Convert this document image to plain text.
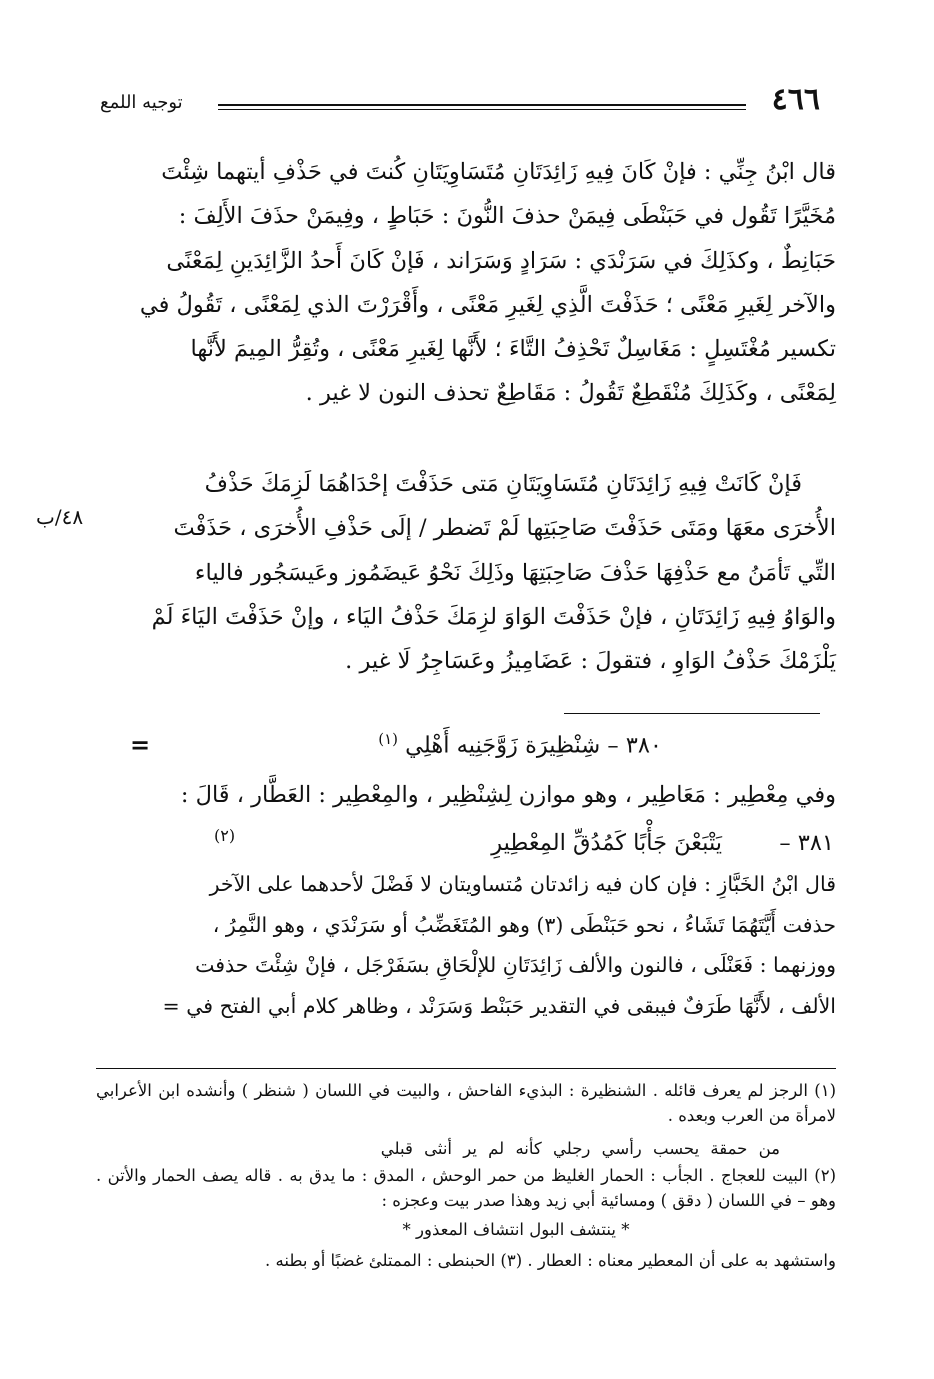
٤٦٦
توجيه اللمع

قال ابْنُ جِنِّي : فإنْ كَانَ فِيهِ زَائِدَتَانِ مُتَسَاوِيَتَانِ كُنتَ في حَذْفِ أيتهما شِئْتَ

مُخَيَّرًا تَقُول في حَبَنْطَى فِيمَنْ حذفَ النُّونَ : حَبَاطٍ ، وفِيمَنْ حذَفَ الأَلِفَ :

حَبَانِطٌ ، وكذَلِكَ في سَرَنْدَي : سَرَادٍ وَسَرَاند ، فَإنْ كَانَ أَحدُ الزَّائِدَينِ لِمَعْنًى

والآخر لِغَيرِ مَعْنًى ؛ حَذَفْتَ الَّذِي لِغَيرِ مَعْنًى ، وأَقْرَرْتَ الذي لِمَعْنًى ، تَقُولُ في

تكسير مُغْتَسِلٍ : مَغَاسِلٌ تَحْذِفُ التَّاءَ ؛ لأَنَّها لِغَيرِ مَعْنًى ، وتُقِرُّ المِيمَ لأَنَّها

لِمَعْنًى ، وكَذَلِكَ مُنْقَطِعٌ تَقُولُ : مَقَاطِعٌ تحذف النون لا غير .

فَإنْ كَانَتْ فِيهِ زَائِدَتَانِ مُتَسَاوِيَتَانِ مَتى حَذَفْتَ إحْدَاهُمَا لَزِمَكَ حَذْفُ

الأُخرَى معَهَا ومَتَى حَذَفْتَ صَاحِبَتِها لَمْ تَضطر / إلَى حَذْفِ الأُخرَى ، حَذَفْتَ

التِّي تَأمَنُ مع حَذْفِهَا حَذْفَ صَاحِبَتِهَا وذَلِكَ نَحْوُ عَيضَمُوز وعَيسَجُور فالياء

والوَاوُ فِيهِ زَائِدَتَانِ ، فإنْ حَذَفْتَ الوَاوَ لزِمَكَ حَذْفُ اليَاء ، وإنْ حَذَفْتَ اليَاءَ لَمْ

يَلْزَمْكَ حَذْفُ الوَاوِ ، فتقولَ : عَضَامِيزُ وعَسَاجِرُ لَا غير .

٤٨/ب
=	٣٨٠ – شِنْظِيرَة زَوَّجَنِيه أَهْلِي $^{(١)}$
وفي مِعْطِير : مَعَاطِير ، وهو موازن لِشِنْظِير ، والمِعْطِير : العَطَّار ، قَالَ :
٣٨١ –
يَتْبَعْنَ جَأْبًا كَمُدُقِّ المِعْطِيرِ
(٢)

قال ابْنُ الخَبَّازِ : فإن كان فيه زائدتان مُتساويتان لا فَضْلَ لأحدهما على الآخر

حذفت أَيَّتَهُمَا تَشَاءُ ، نحو حَبَنْطَى (٣) وهو المُتَغَضِّبُ أو سَرَنْدَي ، وهو النَّمِرُ ،

ووزنهما : فَعَنْلَى ، فالنون والألف زَائِدَتَانِ للإلْحَاقِ بسَفَرْجَل ، فإنْ شِئْتَ حذفت

الألف ، لأَنَّهَا طَرَفٌ فيبقى في التقدير حَبَنْط وَسَرَنْد ، وظاهر كلام أبي الفتح في =

(١) الرجز لم يعرف قائله . الشنظيرة : البذيء الفاحش ، والبيت في اللسان ( شنظر ) وأنشده ابن الأعرابي لامرأة من العرب وبعده .

من حمقة يحسب رأسي رجلي كأنه لم ير أنثى قبلي

(٢) البيت للعجاج . الجأب : الحمار الغليظ من حمر الوحش ، المدق : ما يدق به . قاله يصف الحمار والأتن . وهو – في اللسان ( دقق ) ومسائية أبي زيد وهذا صدر بيت وعجزه :

* ينتشف البول انتشاف المعذور *

واستشهد به على أن المعطير معناه : العطار . (٣) الحبنطى : الممتلئ غضبًا أو بطنه .
